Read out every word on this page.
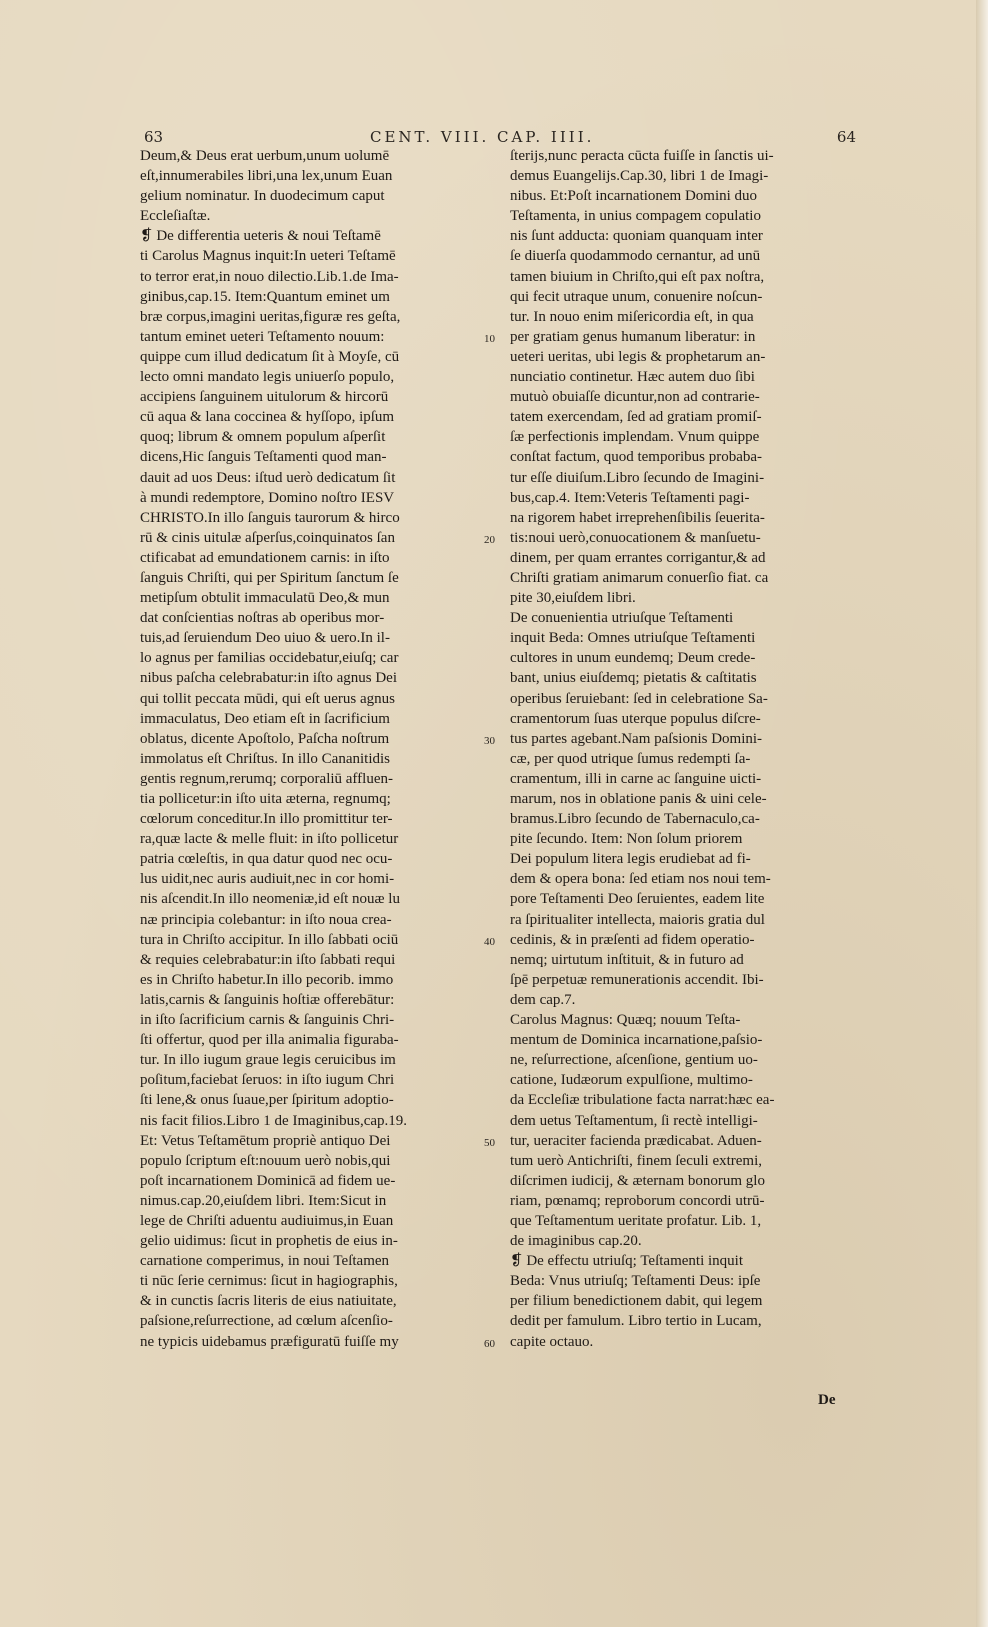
63	CENT. VIII. CAP. IIII.	64
Deum,& Deus erat uerbum,unum uolumē
eſt,innumerabiles libri,una lex,unum Euan
gelium nominatur. In duodecimum caput
Eccleſiaſtæ.
❡ De differentia ueteris & noui Teſtamē
ti Carolus Magnus inquit:In ueteri Teſtamē
to terror erat,in nouo dilectio.Lib.1.de Ima-
ginibus,cap.15. Item:Quantum eminet um
bræ corpus,imagini ueritas,figuræ res geſta,
tantum eminet ueteri Teſtamento nouum:
quippe cum illud dedicatum ſit à Moyſe, cū
lecto omni mandato legis uniuerſo populo,
accipiens ſanguinem uitulorum & hircorū
cū aqua & lana coccinea & hyſſopo, ipſum
quoq; librum & omnem populum aſperſit
dicens,Hic ſanguis Teſtamenti quod man-
dauit ad uos Deus: iſtud uerò dedicatum ſit
à mundi redemptore, Domino noſtro IESV
CHRISTO.In illo ſanguis taurorum & hirco
rū & cinis uitulæ aſperſus,coinquinatos ſan
ctificabat ad emundationem carnis: in iſto
ſanguis Chriſti, qui per Spiritum ſanctum ſe
metipſum obtulit immaculatū Deo,& mun
dat conſcientias noſtras ab operibus mor-
tuis,ad ſeruiendum Deo uiuo & uero.In il-
lo agnus per familias occidebatur,eiuſq; car
nibus paſcha celebrabatur:in iſto agnus Dei
qui tollit peccata mūdi, qui eſt uerus agnus
immaculatus, Deo etiam eſt in ſacrificium
oblatus, dicente Apoſtolo, Paſcha noſtrum
immolatus eſt Chriſtus. In illo Cananitidis
gentis regnum,rerumq; corporaliū affluen-
tia pollicetur:in iſto uita æterna, regnumq;
cœlorum conceditur.In illo promittitur ter-
ra,quæ lacte & melle fluit: in iſto pollicetur
patria cœleſtis, in qua datur quod nec ocu-
lus uidit,nec auris audiuit,nec in cor homi-
nis aſcendit.In illo neomeniæ,id eſt nouæ lu
næ principia colebantur: in iſto noua crea-
tura in Chriſto accipitur. In illo ſabbati ociū
& requies celebrabatur:in iſto ſabbati requi
es in Chriſto habetur.In illo pecorib. immo
latis,carnis & ſanguinis hoſtiæ offerebātur:
in iſto ſacrificium carnis & ſanguinis Chri-
ſti offertur, quod per illa animalia figuraba-
tur. In illo iugum graue legis ceruicibus im
poſitum,faciebat ſeruos: in iſto iugum Chri
ſti lene,& onus ſuaue,per ſpiritum adoptio-
nis facit filios.Libro 1 de Imaginibus,cap.19.
Et: Vetus Teſtamētum propriè antiquo Dei
populo ſcriptum eſt:nouum uerò nobis,qui
poſt incarnationem Dominicā ad fidem ue-
nimus.cap.20,eiuſdem libri. Item:Sicut in
lege de Chriſti aduentu audiuimus,in Euan
gelio uidimus: ſicut in prophetis de eius in-
carnatione comperimus, in noui Teſtamen
ti nūc ſerie cernimus: ſicut in hagiographis,
& in cunctis ſacris literis de eius natiuitate,
paſsione,reſurrectione, ad cœlum aſcenſio-
ne typicis uidebamus præfiguratū fuiſſe my
10
20
30
40
50
60
ſterijs,nunc peracta cūcta fuiſſe in ſanctis ui-
demus Euangelijs.Cap.30, libri 1 de Imagi-
nibus. Et:Poſt incarnationem Domini duo
Teſtamenta, in unius compagem copulatio
nis ſunt adducta: quoniam quanquam inter
ſe diuerſa quodammodo cernantur, ad unū
tamen biuium in Chriſto,qui eſt pax noſtra,
qui fecit utraque unum, conuenire noſcun-
tur. In nouo enim miſericordia eſt, in qua
per gratiam genus humanum liberatur: in
ueteri ueritas, ubi legis & prophetarum an-
nunciatio continetur. Hæc autem duo ſibi
mutuò obuiaſſe dicuntur,non ad contrarie-
tatem exercendam, ſed ad gratiam promiſ-
ſæ perfectionis implendam. Vnum quippe
conſtat factum, quod temporibus probaba-
tur eſſe diuiſum.Libro ſecundo de Imagini-
bus,cap.4. Item:Veteris Teſtamenti pagi-
na rigorem habet irreprehenſibilis ſeuerita-
tis:noui uerò,conuocationem & manſuetu-
dinem, per quam errantes corrigantur,& ad
Chriſti gratiam animarum conuerſio fiat. ca
pite 30,eiuſdem libri.
De conuenientia utriuſque Teſtamenti
inquit Beda: Omnes utriuſque Teſtamenti
cultores in unum eundemq; Deum crede-
bant, unius eiuſdemq; pietatis & caſtitatis
operibus ſeruiebant: ſed in celebratione Sa-
cramentorum ſuas uterque populus diſcre-
tus partes agebant.Nam paſsionis Domini-
cæ, per quod utrique ſumus redempti ſa-
cramentum, illi in carne ac ſanguine uicti-
marum, nos in oblatione panis & uini cele-
bramus.Libro ſecundo de Tabernaculo,ca-
pite ſecundo. Item: Non ſolum priorem
Dei populum litera legis erudiebat ad fi-
dem & opera bona: ſed etiam nos noui tem-
pore Teſtamenti Deo ſeruientes, eadem lite
ra ſpiritualiter intellecta, maioris gratia dul
cedinis, & in præſenti ad fidem operatio-
nemq; uirtutum inſtituit, & in futuro ad
ſpē perpetuæ remunerationis accendit. Ibi-
dem cap.7.
Carolus Magnus: Quæq; nouum Teſta-
mentum de Dominica incarnatione,paſsio-
ne, reſurrectione, aſcenſione, gentium uo-
catione, Iudæorum expulſione, multimo-
da Eccleſiæ tribulatione facta narrat:hæc ea-
dem uetus Teſtamentum, ſi rectè intelligi-
tur, ueraciter facienda prædicabat. Aduen-
tum uerò Antichriſti, finem ſeculi extremi,
diſcrimen iudicij, & æternam bonorum glo
riam, pœnamq; reproborum concordi utrū-
que Teſtamentum ueritate profatur. Lib. 1,
de imaginibus cap.20.
❡ De effectu utriuſq; Teſtamenti inquit
Beda: Vnus utriuſq; Teſtamenti Deus: ipſe
per filium benedictionem dabit, qui legem
dedit per famulum. Libro tertio in Lucam,
capite octauo.
De
